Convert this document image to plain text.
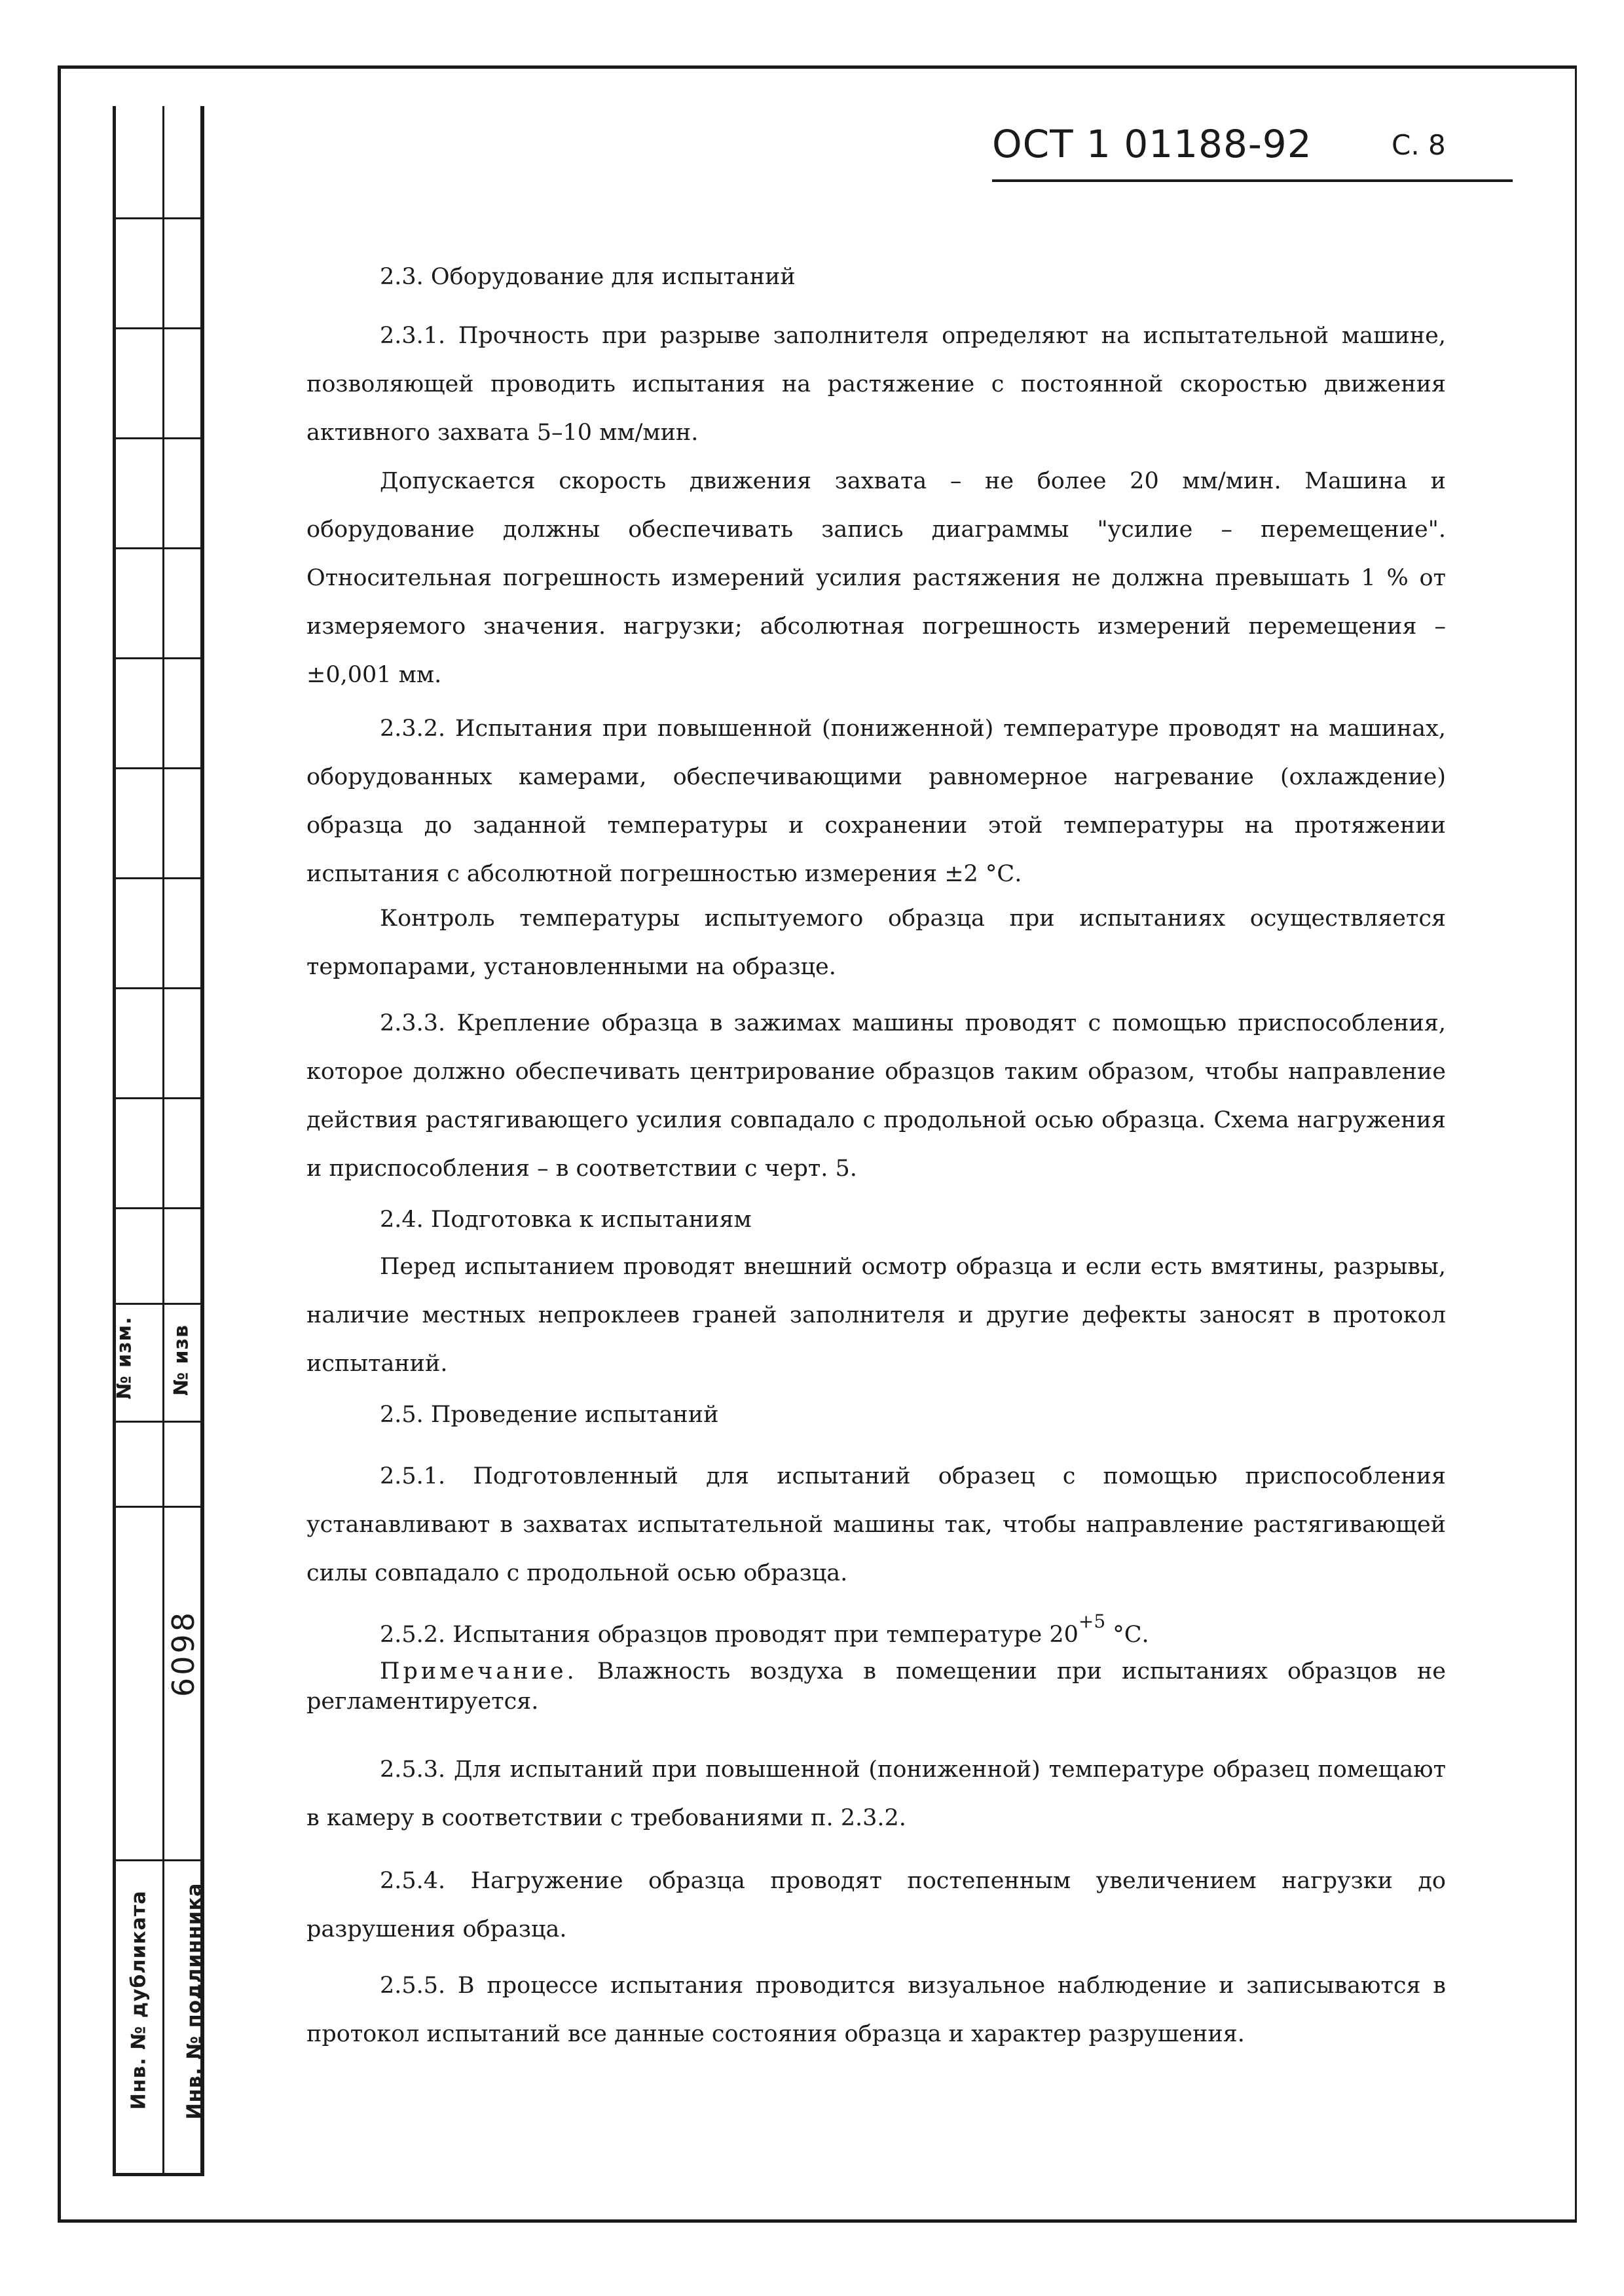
№ изм. № изв
6098
Инв. № дубликата Инв. № подлинника
ОСТ 1 01188-92	С. 8

2.3. Оборудование для испытаний

2.3.1. Прочность при разрыве заполнителя определяют на испытательной машине, позволяющей проводить испытания на растяжение с постоянной скоростью движения активного захвата 5–10 мм/мин.

Допускается скорость движения захвата – не более 20 мм/мин. Машина и оборудование должны обеспечивать запись диаграммы "усилие – перемещение". Относительная погрешность измерений усилия растяжения не должна превышать 1 % от измеряемого значения. нагрузки; абсолютная погрешность измерений перемещения – ±0,001 мм.

2.3.2. Испытания при повышенной (пониженной) температуре проводят на машинах, оборудованных камерами, обеспечивающими равномерное нагревание (охлаждение) образца до заданной температуры и сохранении этой температуры на протяжении испытания с абсолютной погрешностью измерения ±2 °С.

Контроль температуры испытуемого образца при испытаниях осуществляется термопарами, установленными на образце.

2.3.3. Крепление образца в зажимах машины проводят с помощью приспособления, которое должно обеспечивать центрирование образцов таким образом, чтобы направление действия растягивающего усилия совпадало с продольной осью образца. Схема нагружения и приспособления – в соответствии с черт. 5.

2.4. Подготовка к испытаниям

Перед испытанием проводят внешний осмотр образца и если есть вмятины, разрывы, наличие местных непроклеев граней заполнителя и другие дефекты заносят в протокол испытаний.

2.5. Проведение испытаний

2.5.1. Подготовленный для испытаний образец с помощью приспособления устанавливают в захватах испытательной машины так, чтобы направление растягивающей силы совпадало с продольной осью образца.

2.5.2. Испытания образцов проводят при температуре $20^{+5}$ °С.

Примечание. Влажность воздуха в помещении при испытаниях образцов не регламентируется.

2.5.3. Для испытаний при повышенной (пониженной) температуре образец помещают в камеру в соответствии с требованиями п. 2.3.2.

2.5.4. Нагружение образца проводят постепенным увеличением нагрузки до разрушения образца.

2.5.5. В процессе испытания проводится визуальное наблюдение и записываются в протокол испытаний все данные состояния образца и характер разрушения.
